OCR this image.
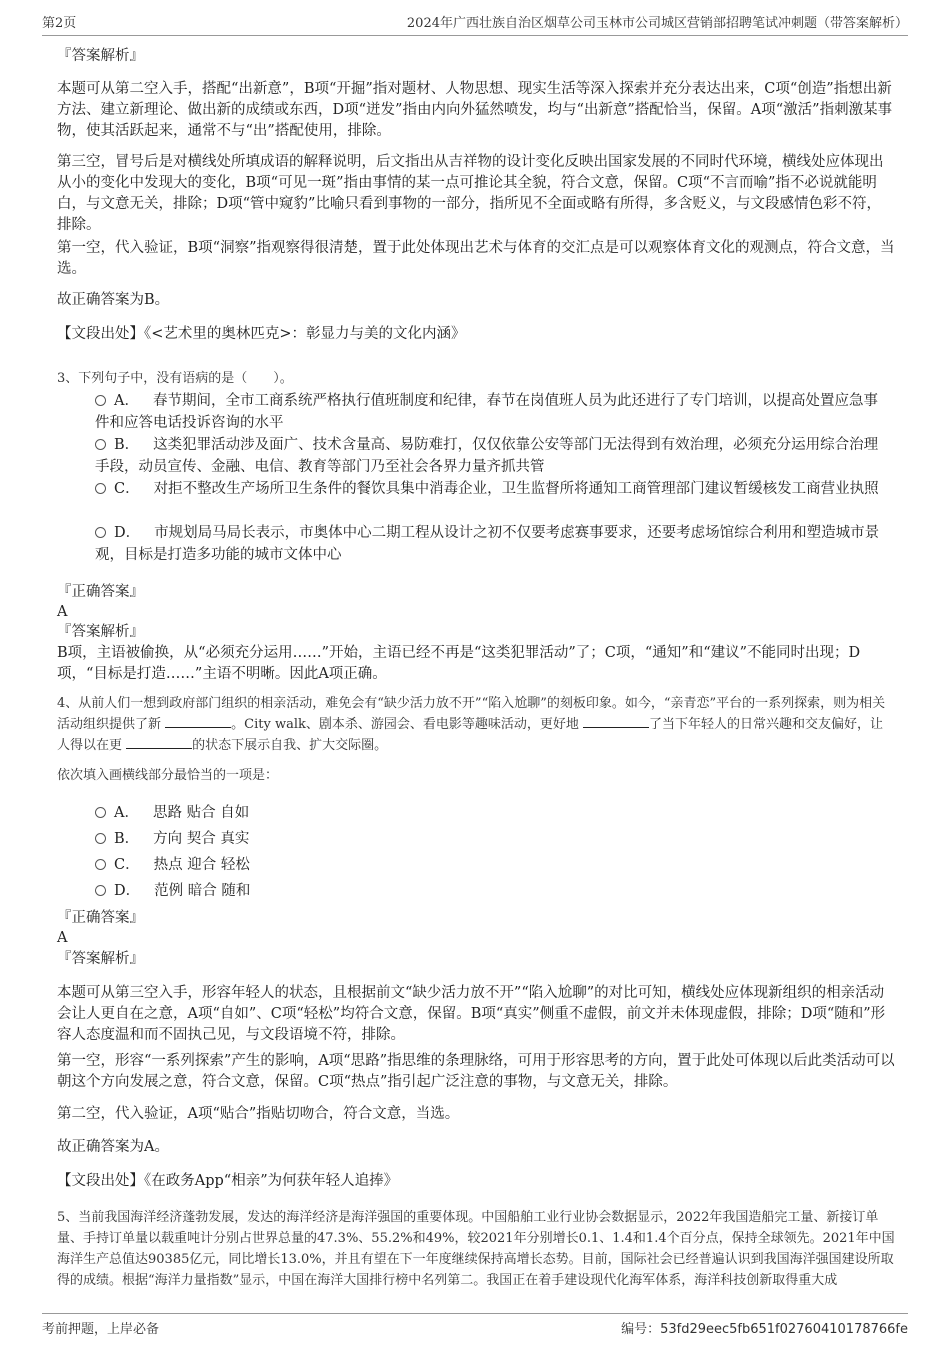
第2页	2024年广西壮族自治区烟草公司玉林市公司城区营销部招聘笔试冲刺题（带答案解析）
『答案解析』
本题可从第二空入手，搭配“出新意”，B项“开掘”指对题材、人物思想、现实生活等深入探索并充分表达出来，C项“创造”指想出新方法、建立新理论、做出新的成绩或东西，D项“迸发”指由内向外猛然喷发，均与“出新意”搭配恰当，保留。A项“激活”指刺激某事物，使其活跃起来，通常不与“出”搭配使用，排除。
第三空，冒号后是对横线处所填成语的解释说明，后文指出从吉祥物的设计变化反映出国家发展的不同时代环境，横线处应体现出从小的变化中发现大的变化，B项“可见一斑”指由事情的某一点可推论其全貌，符合文意，保留。C项“不言而喻”指不必说就能明白，与文意无关，排除；D项“管中窥豹”比喻只看到事物的一部分，指所见不全面或略有所得，多含贬义，与文段感情色彩不符，排除。
第一空，代入验证，B项“洞察”指观察得很清楚，置于此处体现出艺术与体育的交汇点是可以观察体育文化的观测点，符合文意，当选。
故正确答案为B。
【文段出处】《<艺术里的奥林匹克>：彰显力与美的文化内涵》
3、下列句子中，没有语病的是（　　）。
A． 春节期间，全市工商系统严格执行值班制度和纪律，春节在岗值班人员为此还进行了专门培训，以提高处置应急事件和应答电话投诉咨询的水平
B． 这类犯罪活动涉及面广、技术含量高、易防难打，仅仅依靠公安等部门无法得到有效治理，必须充分运用综合治理手段，动员宣传、金融、电信、教育等部门乃至社会各界力量齐抓共管
C． 对拒不整改生产场所卫生条件的餐饮具集中消毒企业，卫生监督所将通知工商管理部门建议暂缓核发工商营业执照
D． 市规划局马局长表示，市奥体中心二期工程从设计之初不仅要考虑赛事要求，还要考虑场馆综合利用和塑造城市景观，目标是打造多功能的城市文体中心
『正确答案』
A
『答案解析』
B项，主语被偷换，从“必须充分运用……”开始，主语已经不再是“这类犯罪活动”了；C项，“通知”和“建议”不能同时出现；D项，“目标是打造……”主语不明晰。因此A项正确。
4、从前人们一想到政府部门组织的相亲活动，难免会有“缺少活力放不开”“陷入尬聊”的刻板印象。如今，“亲青恋”平台的一系列探索，则为相关活动组织提供了新	。City walk、剧本杀、游园会、看电影等趣味活动，更好地	了当下年轻人的日常兴趣和交友偏好，让人得以在更	的状态下展示自我、扩大交际圈。
依次填入画横线部分最恰当的一项是：
A． 思路 贴合 自如
B． 方向 契合 真实
C． 热点 迎合 轻松
D． 范例 暗合 随和
『正确答案』
A
『答案解析』
本题可从第三空入手，形容年轻人的状态，且根据前文“缺少活力放不开”“陷入尬聊”的对比可知，横线处应体现新组织的相亲活动会让人更自在之意，A项“自如”、C项“轻松”均符合文意，保留。B项“真实”侧重不虚假，前文并未体现虚假，排除；D项“随和”形容人态度温和而不固执己见，与文段语境不符，排除。
第一空，形容“一系列探索”产生的影响，A项“思路”指思维的条理脉络，可用于形容思考的方向，置于此处可体现以后此类活动可以朝这个方向发展之意，符合文意，保留。C项“热点”指引起广泛注意的事物，与文意无关，排除。
第二空，代入验证，A项“贴合”指贴切吻合，符合文意，当选。
故正确答案为A。
【文段出处】《在政务App“相亲”为何获年轻人追捧》
5、当前我国海洋经济蓬勃发展，发达的海洋经济是海洋强国的重要体现。中国船舶工业行业协会数据显示，2022年我国造船完工量、新接订单量、手持订单量以载重吨计分别占世界总量的47.3%、55.2%和49%，较2021年分别增长0.1、1.4和1.4个百分点，保持全球领先。2021年中国海洋生产总值达90385亿元，同比增长13.0%，并且有望在下一年度继续保持高增长态势。目前，国际社会已经普遍认识到我国海洋强国建设所取得的成绩。根据“海洋力量指数”显示，中国在海洋大国排行榜中名列第二。我国正在着手建设现代化海军体系，海洋科技创新取得重大成
考前押题，上岸必备	编号：53fd29eec5fb651f02760410178766fe
